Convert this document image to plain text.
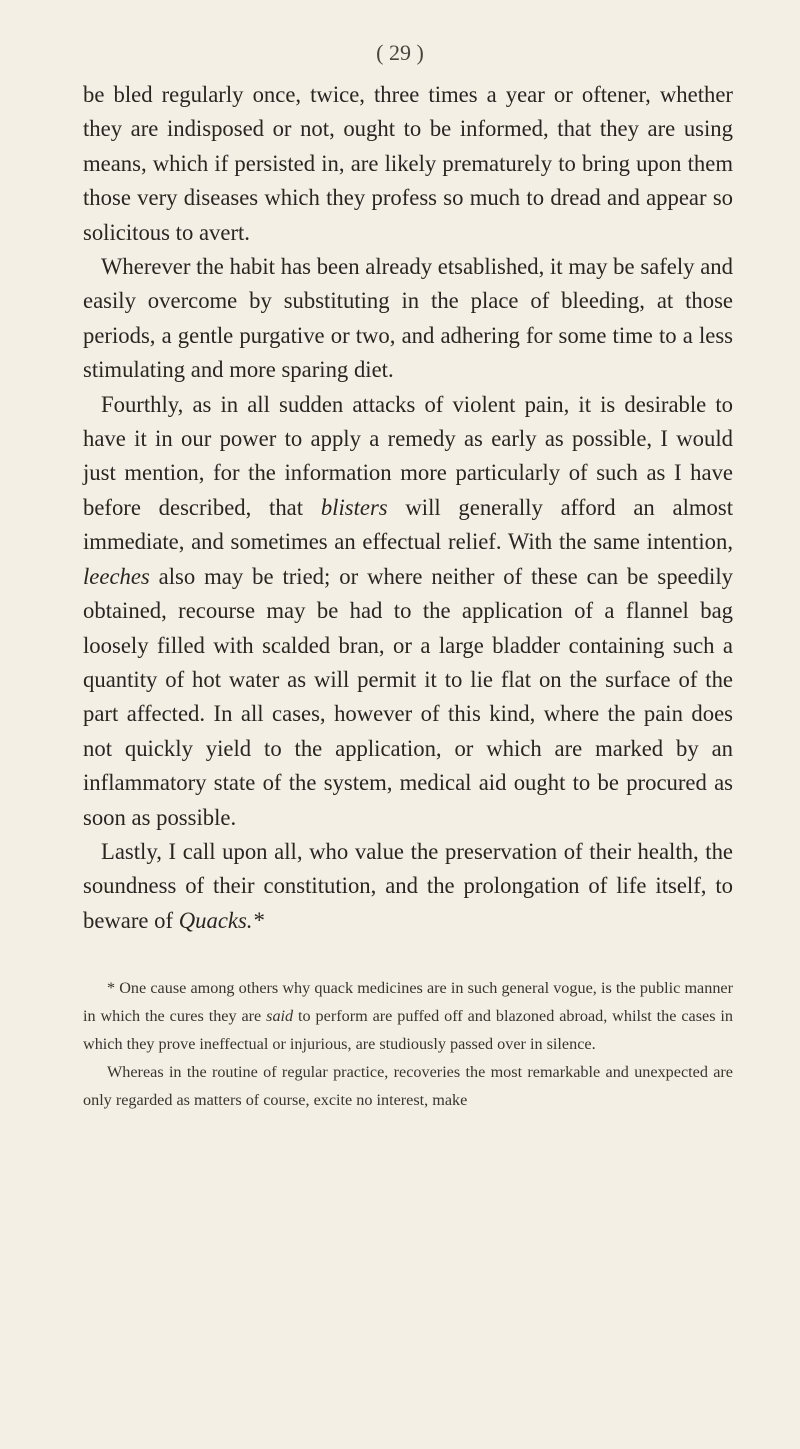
( 29 )

be bled regularly once, twice, three times a year or oftener, whether they are indisposed or not, ought to be informed, that they are using means, which if persisted in, are likely prematurely to bring upon them those very diseases which they profess so much to dread and appear so solicitous to avert.

Wherever the habit has been already etsablished, it may be safely and easily overcome by substituting in the place of bleeding, at those periods, a gentle purgative or two, and adhering for some time to a less stimulating and more sparing diet.

Fourthly, as in all sudden attacks of violent pain, it is desirable to have it in our power to apply a remedy as early as possible, I would just mention, for the information more particularly of such as I have before described, that blisters will generally afford an almost immediate, and sometimes an effectual relief. With the same intention, leeches also may be tried; or where neither of these can be speedily obtained, recourse may be had to the application of a flannel bag loosely filled with scalded bran, or a large bladder containing such a quantity of hot water as will permit it to lie flat on the surface of the part affected. In all cases, however of this kind, where the pain does not quickly yield to the application, or which are marked by an inflammatory state of the system, medical aid ought to be procured as soon as possible.

Lastly, I call upon all, who value the preservation of their health, the soundness of their constitution, and the prolongation of life itself, to beware of Quacks.*

* One cause among others why quack medicines are in such general vogue, is the public manner in which the cures they are said to perform are puffed off and blazoned abroad, whilst the cases in which they prove ineffectual or injurious, are studiously passed over in silence.

Whereas in the routine of regular practice, recoveries the most remarkable and unexpected are only regarded as matters of course, excite no interest, make
